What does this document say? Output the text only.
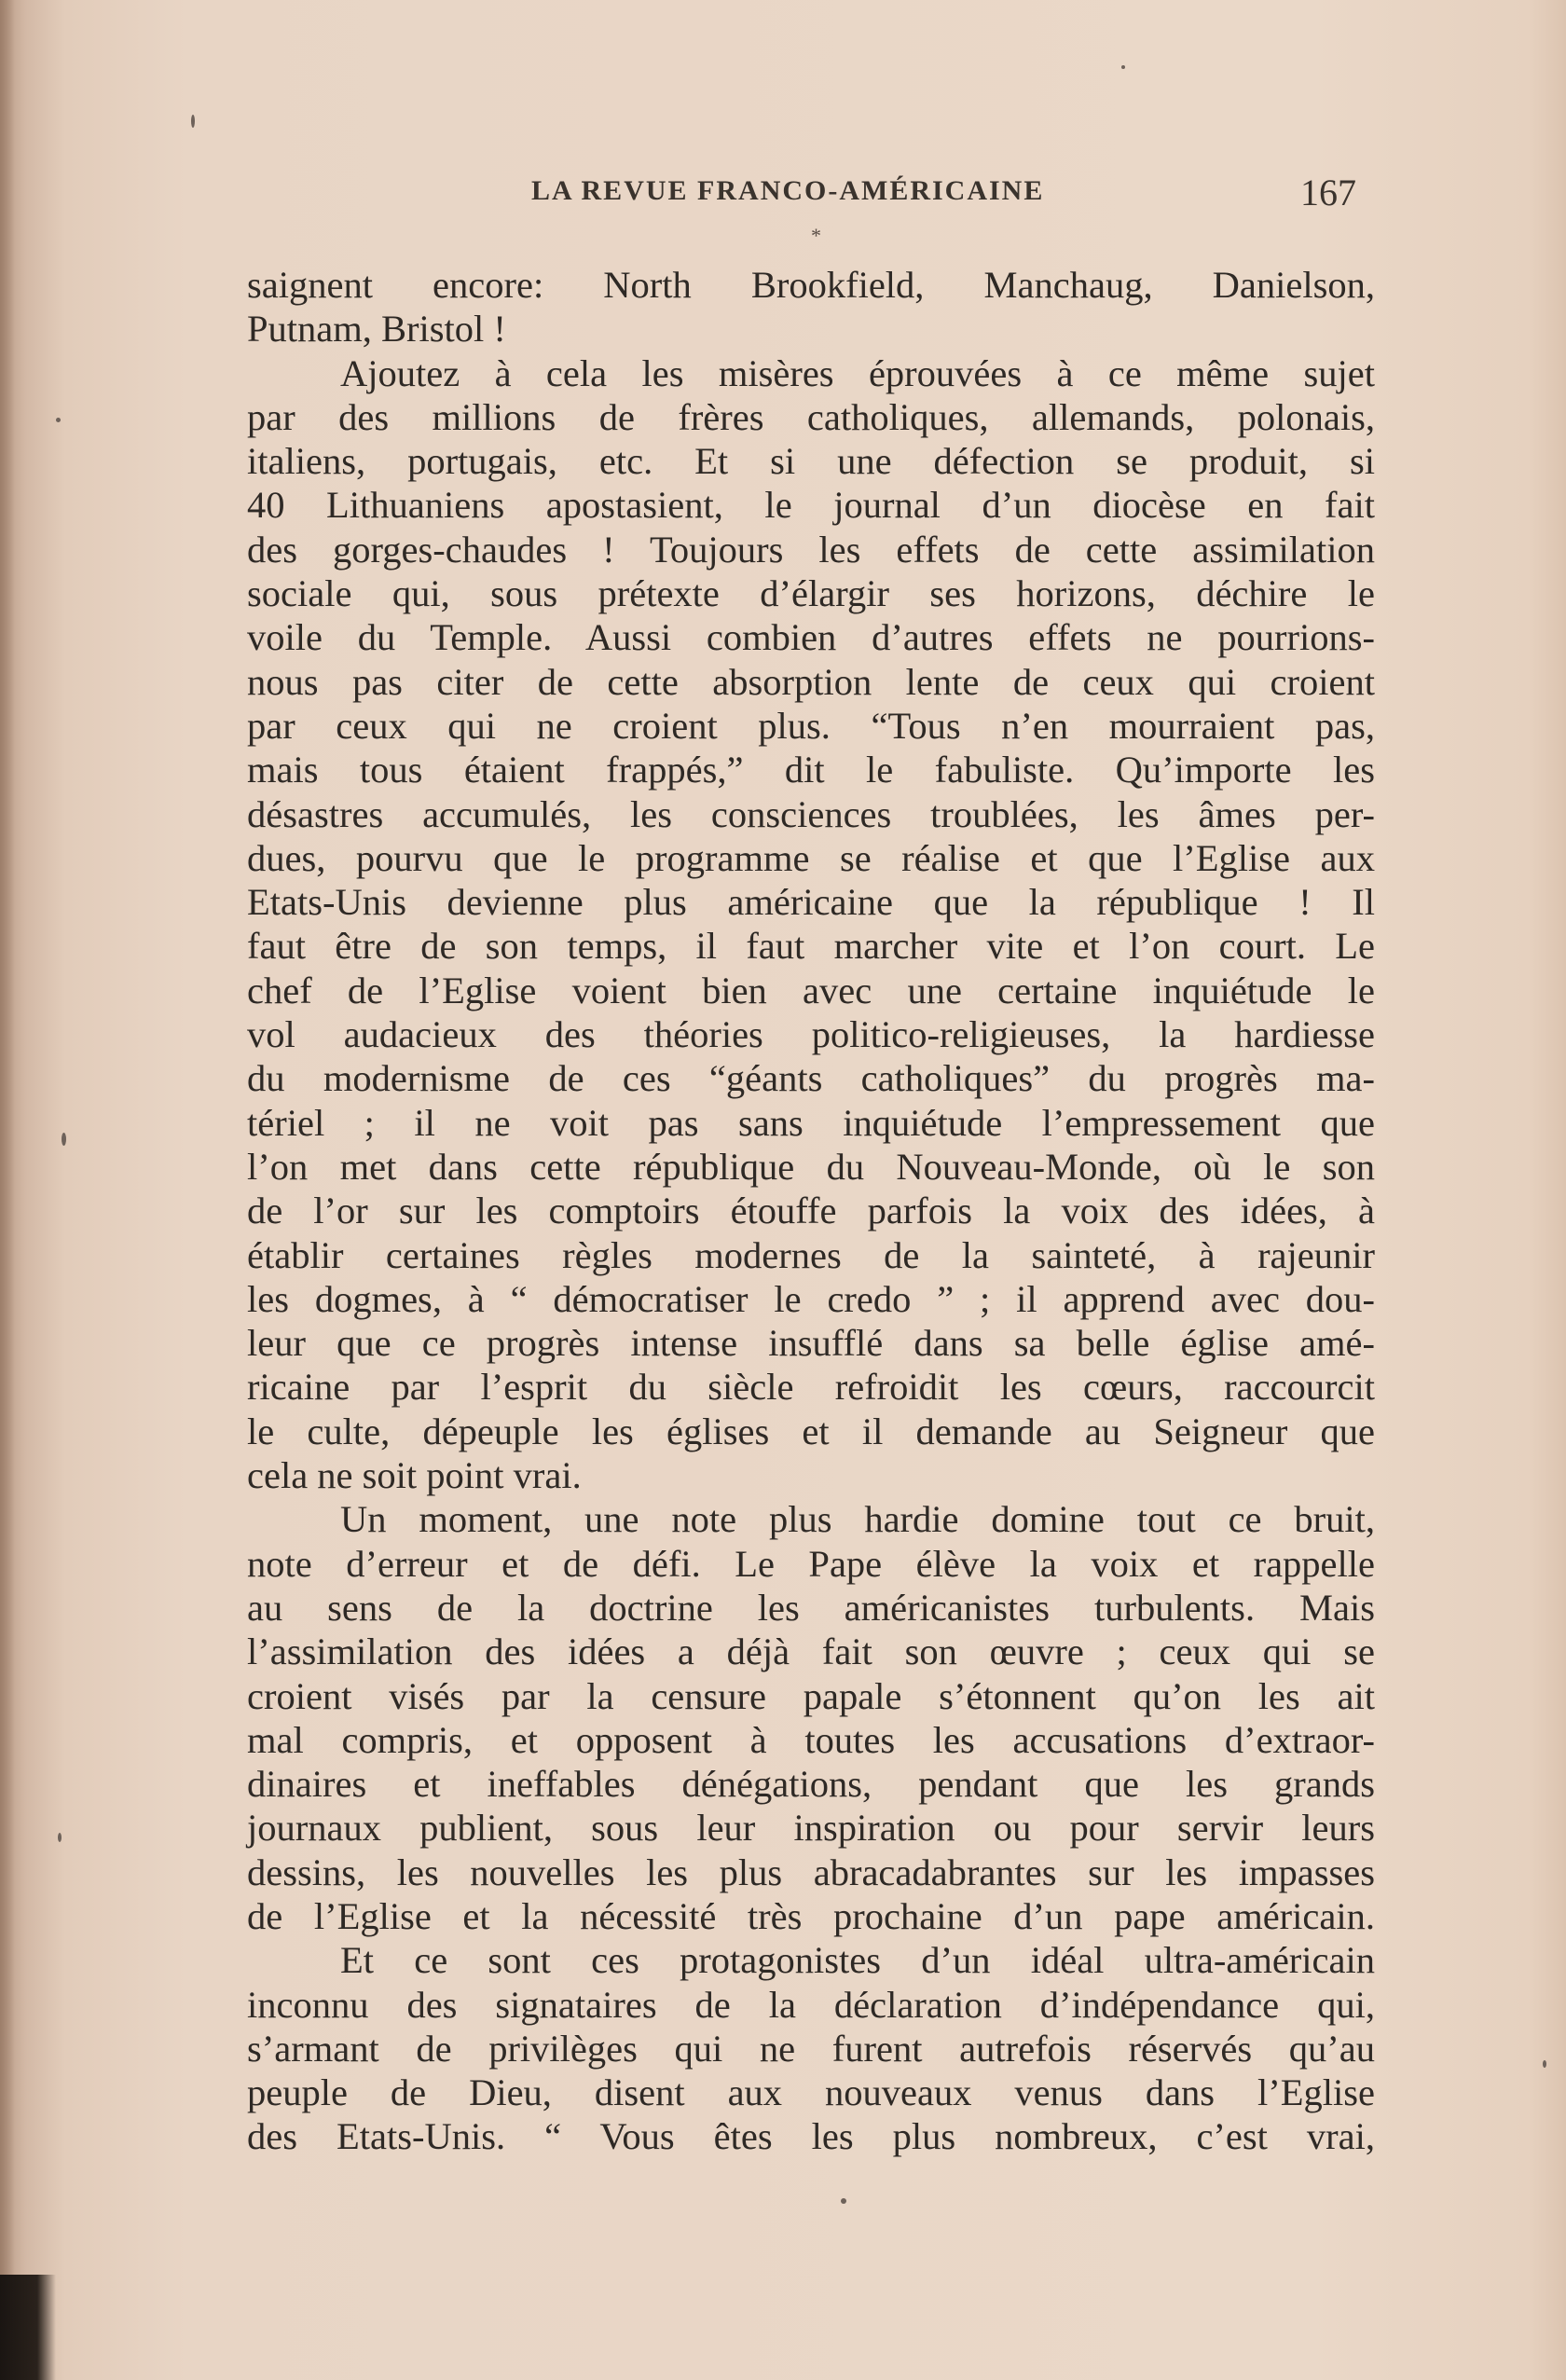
LA REVUE FRANCO-AMÉRICAINE	167
*
saignent encore: North Brookfield, Manchaug, Danielson,
Putnam, Bristol !
Ajoutez à cela les misères éprouvées à ce même sujet
par des millions de frères catholiques, allemands, polonais,
italiens, portugais, etc. Et si une défection se produit, si
40 Lithuaniens apostasient, le journal d’un diocèse en fait
des gorges-chaudes ! Toujours les effets de cette assimilation
sociale qui, sous prétexte d’élargir ses horizons, déchire le
voile du Temple. Aussi combien d’autres effets ne pourrions-
nous pas citer de cette absorption lente de ceux qui croient
par ceux qui ne croient plus. “Tous n’en mourraient pas,
mais tous étaient frappés,” dit le fabuliste. Qu’importe les
désastres accumulés, les consciences troublées, les âmes per-
dues, pourvu que le programme se réalise et que l’Eglise aux
Etats-Unis devienne plus américaine que la république ! Il
faut être de son temps, il faut marcher vite et l’on court. Le
chef de l’Eglise voient bien avec une certaine inquiétude le
vol audacieux des théories politico-religieuses, la hardiesse
du modernisme de ces “géants catholiques” du progrès ma-
tériel ; il ne voit pas sans inquiétude l’empressement que
l’on met dans cette république du Nouveau-Monde, où le son
de l’or sur les comptoirs étouffe parfois la voix des idées, à
établir certaines règles modernes de la sainteté, à rajeunir
les dogmes, à “ démocratiser le credo ” ; il apprend avec dou-
leur que ce progrès intense insufflé dans sa belle église amé-
ricaine par l’esprit du siècle refroidit les cœurs, raccourcit
le culte, dépeuple les églises et il demande au Seigneur que
cela ne soit point vrai.
Un moment, une note plus hardie domine tout ce bruit,
note d’erreur et de défi. Le Pape élève la voix et rappelle
au sens de la doctrine les américanistes turbulents. Mais
l’assimilation des idées a déjà fait son œuvre ; ceux qui se
croient visés par la censure papale s’étonnent qu’on les ait
mal compris, et opposent à toutes les accusations d’extraor-
dinaires et ineffables dénégations, pendant que les grands
journaux publient, sous leur inspiration ou pour servir leurs
dessins, les nouvelles les plus abracadabrantes sur les impasses
de l’Eglise et la nécessité très prochaine d’un pape américain.
Et ce sont ces protagonistes d’un idéal ultra-américain
inconnu des signataires de la déclaration d’indépendance qui,
s’armant de privilèges qui ne furent autrefois réservés qu’au
peuple de Dieu, disent aux nouveaux venus dans l’Eglise
des Etats-Unis. “ Vous êtes les plus nombreux, c’est vrai,
